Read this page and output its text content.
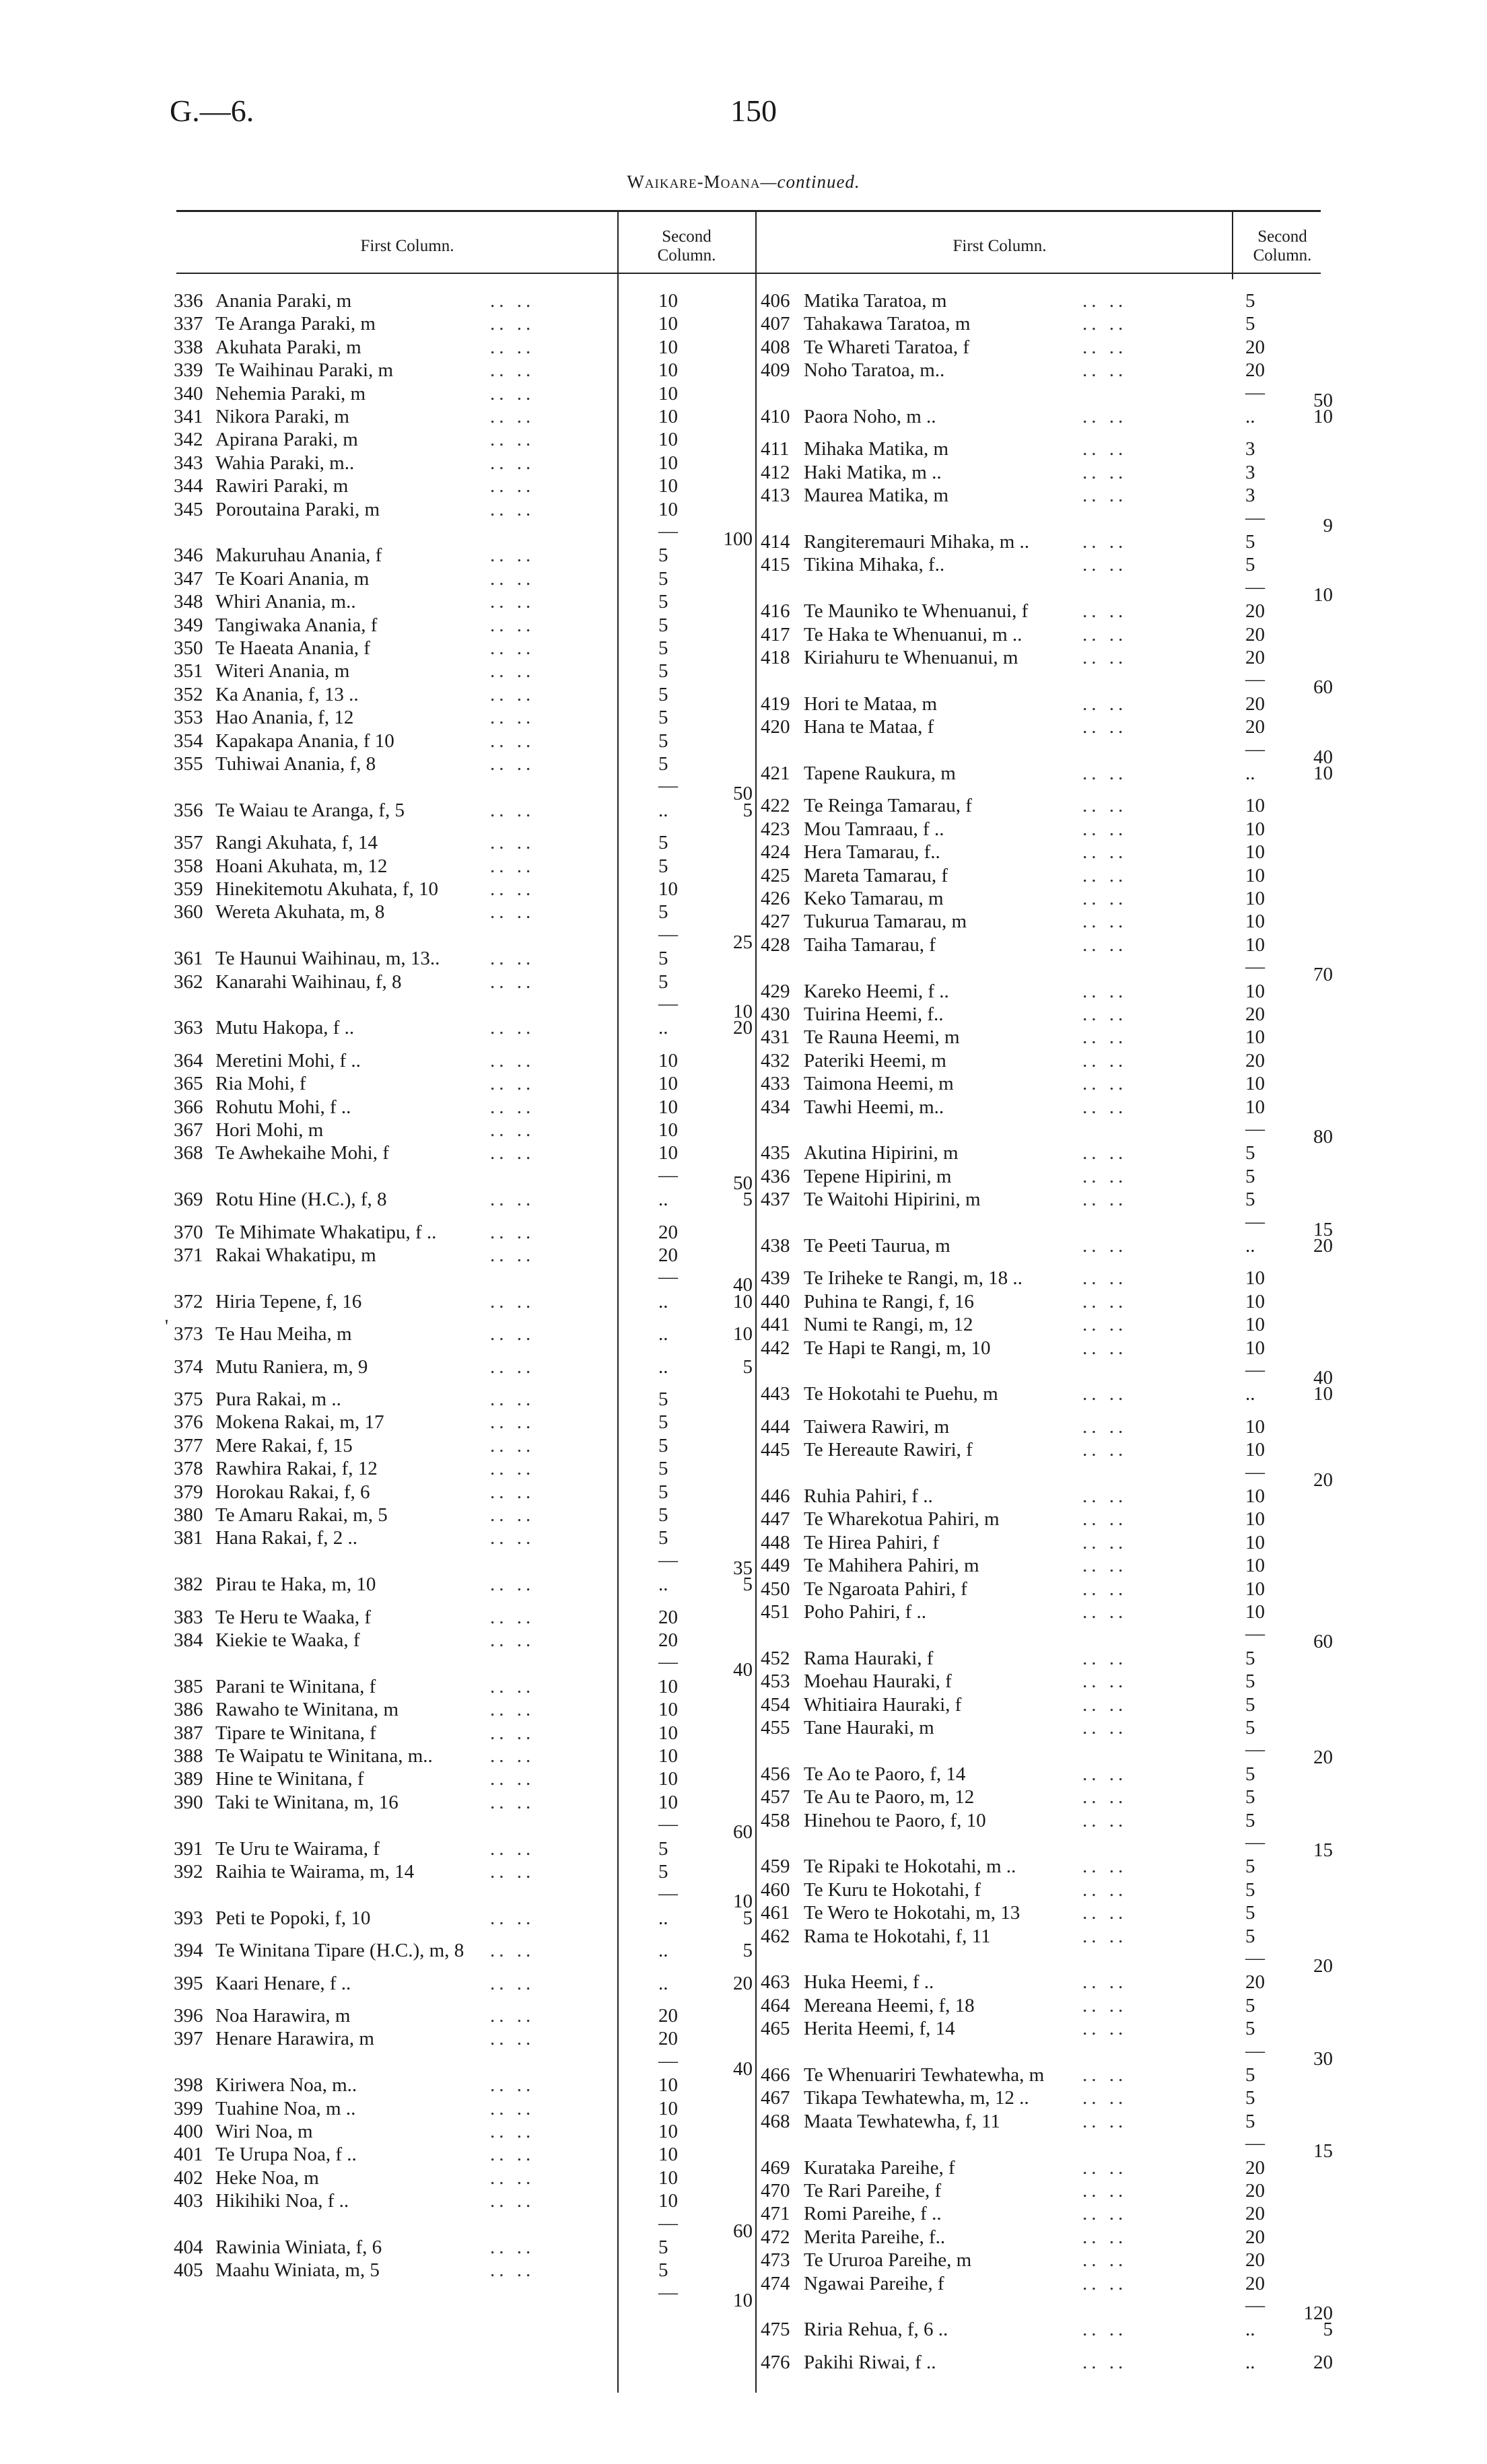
G.—6.	150
Waikare-Moana—continued.
First Column.
Second
Column.
First Column.
Second
Column.
336 Anania Paraki, m	.. ..	10
337 Te Aranga Paraki, m	.. ..	10
338 Akuhata Paraki, m	.. ..	10
339 Te Waihinau Paraki, m	.. ..	10
340 Nehemia Paraki, m	.. ..	10
341 Nikora Paraki, m	.. ..	10
342 Apirana Paraki, m	.. ..	10
343 Wahia Paraki, m..	.. ..	10
344 Rawiri Paraki, m	.. ..	10
345 Poroutaina Paraki, m	.. ..	10
—	100
346 Makuruhau Anania, f	.. ..	5
347 Te Koari Anania, m	.. ..	5
348 Whiri Anania, m..	.. ..	5
349 Tangiwaka Anania, f	.. ..	5
350 Te Haeata Anania, f	.. ..	5
351 Witeri Anania, m	.. ..	5
352 Ka Anania, f, 13 ..	.. ..	5
353 Hao Anania, f, 12	.. ..	5
354 Kapakapa Anania, f 10	.. ..	5
355 Tuhiwai Anania, f, 8	.. ..	5
—	50
356 Te Waiau te Aranga, f, 5	.. ..	..	5
357 Rangi Akuhata, f, 14	.. ..	5
358 Hoani Akuhata, m, 12	.. ..	5
359 Hinekitemotu Akuhata, f, 10	.. ..	10
360 Wereta Akuhata, m, 8	.. ..	5
—	25
361 Te Haunui Waihinau, m, 13..	.. ..	5
362 Kanarahi Waihinau, f, 8	.. ..	5
—	10
363 Mutu Hakopa, f ..	.. ..	..	20
364 Meretini Mohi, f ..	.. ..	10
365 Ria Mohi, f	.. ..	10
366 Rohutu Mohi, f ..	.. ..	10
367 Hori Mohi, m	.. ..	10
368 Te Awhekaihe Mohi, f	.. ..	10
—	50
369 Rotu Hine (H.C.), f, 8	.. ..	..	5
370 Te Mihimate Whakatipu, f ..	.. ..	20
371 Rakai Whakatipu, m	.. ..	20
—	40
372 Hiria Tepene, f, 16	.. ..	..	10
373 Te Hau Meiha, m	.. ..	..	10
374 Mutu Raniera, m, 9	.. ..	..	5
375 Pura Rakai, m ..	.. ..	5
376 Mokena Rakai, m, 17	.. ..	5
377 Mere Rakai, f, 15	.. ..	5
378 Rawhira Rakai, f, 12	.. ..	5
379 Horokau Rakai, f, 6	.. ..	5
380 Te Amaru Rakai, m, 5	.. ..	5
381 Hana Rakai, f, 2 ..	.. ..	5
—	35
382 Pirau te Haka, m, 10	.. ..	..	5
383 Te Heru te Waaka, f	.. ..	20
384 Kiekie te Waaka, f	.. ..	20
—	40
385 Parani te Winitana, f	.. ..	10
386 Rawaho te Winitana, m	.. ..	10
387 Tipare te Winitana, f	.. ..	10
388 Te Waipatu te Winitana, m..	.. ..	10
389 Hine te Winitana, f	.. ..	10
390 Taki te Winitana, m, 16	.. ..	10
—	60
391 Te Uru te Wairama, f	.. ..	5
392 Raihia te Wairama, m, 14	.. ..	5
—	10
393 Peti te Popoki, f, 10	.. ..	..	5
394 Te Winitana Tipare (H.C.), m, 8 .. ..	..	5
395 Kaari Henare, f ..	.. ..	..	20
396 Noa Harawira, m	.. ..	20
397 Henare Harawira, m	.. ..	20
—	40
398 Kiriwera Noa, m..	.. ..	10
399 Tuahine Noa, m ..	.. ..	10
400 Wiri Noa, m	.. ..	10
401 Te Urupa Noa, f ..	.. ..	10
402 Heke Noa, m	.. ..	10
403 Hikihiki Noa, f ..	.. ..	10
—	60
404 Rawinia Winiata, f, 6	.. ..	5
405 Maahu Winiata, m, 5	.. ..	5
—	10
406 Matika Taratoa, m	.. ..	5
407 Tahakawa Taratoa, m	.. ..	5
408 Te Whareti Taratoa, f	.. ..	20
409 Noho Taratoa, m..	.. ..	20
—	50
410 Paora Noho, m ..	.. ..	..	10
411 Mihaka Matika, m	.. ..	3
412 Haki Matika, m ..	.. ..	3
413 Maurea Matika, m	.. ..	3
—	9
414 Rangiteremauri Mihaka, m ..	.. ..	5
415 Tikina Mihaka, f..	.. ..	5
—	10
416 Te Mauniko te Whenuanui, f	.. ..	20
417 Te Haka te Whenuanui, m ..	.. ..	20
418 Kiriahuru te Whenuanui, m	.. ..	20
—	60
419 Hori te Mataa, m	.. ..	20
420 Hana te Mataa, f	.. ..	20
—	40
421 Tapene Raukura, m	.. ..	..	10
422 Te Reinga Tamarau, f	.. ..	10
423 Mou Tamraau, f ..	.. ..	10
424 Hera Tamarau, f..	.. ..	10
425 Mareta Tamarau, f	.. ..	10
426 Keko Tamarau, m	.. ..	10
427 Tukurua Tamarau, m	.. ..	10
428 Taiha Tamarau, f	.. ..	10
—	70
429 Kareko Heemi, f ..	.. ..	10
430 Tuirina Heemi, f..	.. ..	20
431 Te Rauna Heemi, m	.. ..	10
432 Pateriki Heemi, m	.. ..	20
433 Taimona Heemi, m	.. ..	10
434 Tawhi Heemi, m..	.. ..	10
—	80
435 Akutina Hipirini, m	.. ..	5
436 Tepene Hipirini, m	.. ..	5
437 Te Waitohi Hipirini, m	.. ..	5
—	15
438 Te Peeti Taurua, m	.. ..	..	20
439 Te Iriheke te Rangi, m, 18 ..	.. ..	10
440 Puhina te Rangi, f, 16	.. ..	10
441 Numi te Rangi, m, 12	.. ..	10
442 Te Hapi te Rangi, m, 10	.. ..	10
—	40
443 Te Hokotahi te Puehu, m	.. ..	..	10
444 Taiwera Rawiri, m	.. ..	10
445 Te Hereaute Rawiri, f	.. ..	10
—	20
446 Ruhia Pahiri, f ..	.. ..	10
447 Te Wharekotua Pahiri, m	.. ..	10
448 Te Hirea Pahiri, f	.. ..	10
449 Te Mahihera Pahiri, m	.. ..	10
450 Te Ngaroata Pahiri, f	.. ..	10
451 Poho Pahiri, f ..	.. ..	10
—	60
452 Rama Hauraki, f	.. ..	5
453 Moehau Hauraki, f	.. ..	5
454 Whitiaira Hauraki, f	.. ..	5
455 Tane Hauraki, m	.. ..	5
—	20
456 Te Ao te Paoro, f, 14	.. ..	5
457 Te Au te Paoro, m, 12	.. ..	5
458 Hinehou te Paoro, f, 10	.. ..	5
—	15
459 Te Ripaki te Hokotahi, m ..	.. ..	5
460 Te Kuru te Hokotahi, f	.. ..	5
461 Te Wero te Hokotahi, m, 13	.. ..	5
462 Rama te Hokotahi, f, 11	.. ..	5
—	20
463 Huka Heemi, f ..	.. ..	20
464 Mereana Heemi, f, 18	.. ..	5
465 Herita Heemi, f, 14	.. ..	5
—	30
466 Te Whenuariri Tewhatewha, m .. ..	5
467 Tikapa Tewhatewha, m, 12 ..	.. ..	5
468 Maata Tewhatewha, f, 11	.. ..	5
—	15
469 Kurataka Pareihe, f	.. ..	20
470 Te Rari Pareihe, f	.. ..	20
471 Romi Pareihe, f ..	.. ..	20
472 Merita Pareihe, f..	.. ..	20
473 Te Ururoa Pareihe, m	.. ..	20
474 Ngawai Pareihe, f	.. ..	20
—	120
475 Riria Rehua, f, 6 ..	.. ..	..	5
476 Pakihi Riwai, f ..	.. ..	..	20
'
